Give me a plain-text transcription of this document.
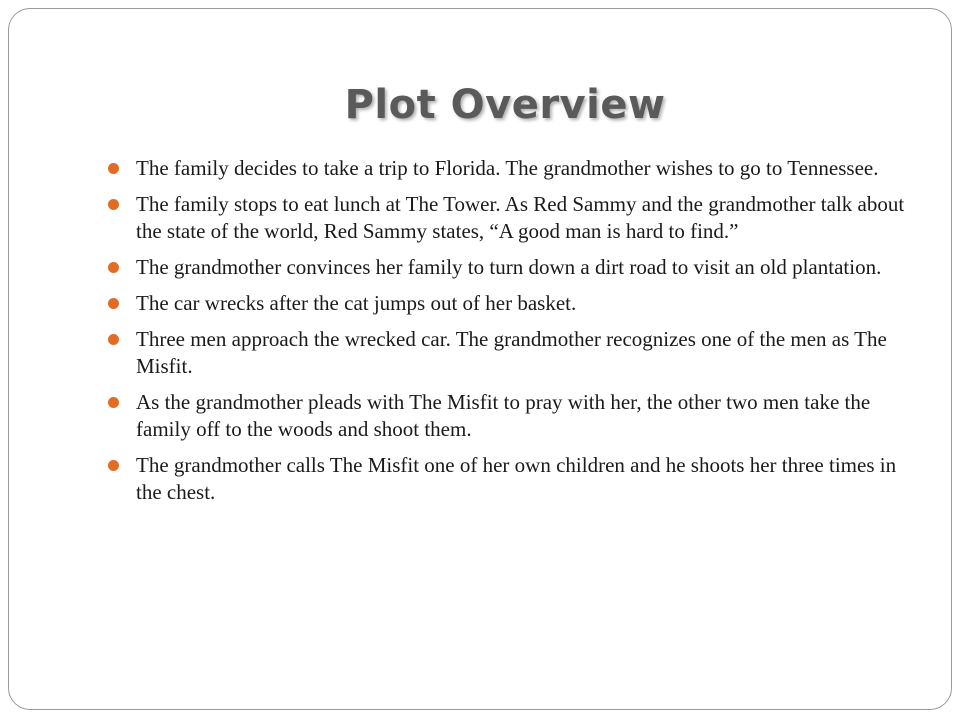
Plot Overview
The family decides to take a trip to Florida. The grandmother wishes to go to Tennessee.
The family stops to eat lunch at The Tower. As Red Sammy and the grandmother talk about the state of the world, Red Sammy states, “A good man is hard to find.”
The grandmother convinces her family to turn down a dirt road to visit an old plantation.
The car wrecks after the cat jumps out of her basket.
Three men approach the wrecked car. The grandmother recognizes one of the men as The Misfit.
As the grandmother pleads with The Misfit to pray with her, the other two men take the family off to the woods and shoot them.
The grandmother calls The Misfit one of her own children and he shoots her three times in the chest.
